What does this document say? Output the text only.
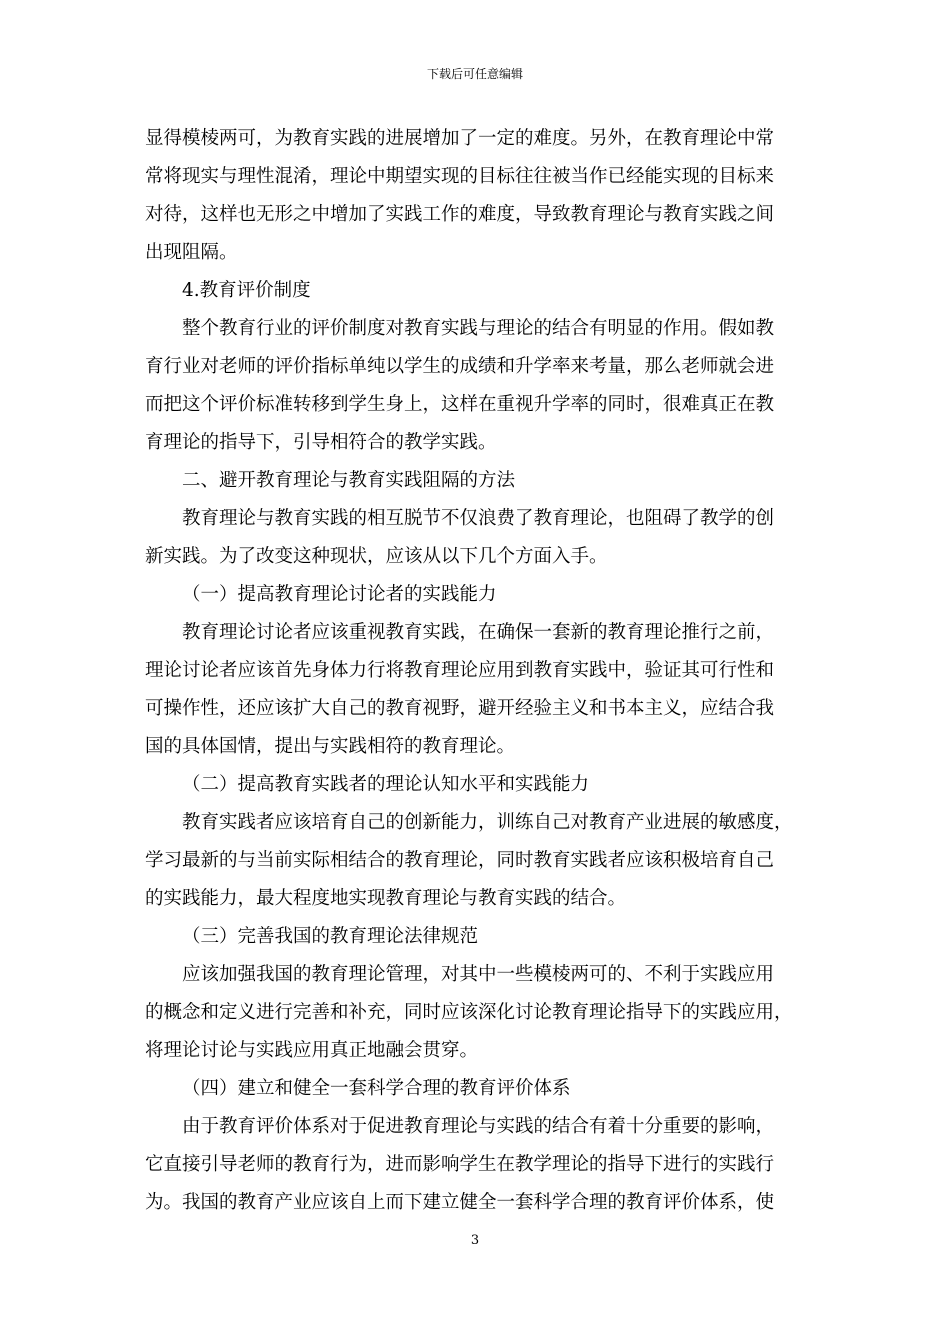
下载后可任意编辑
显得模棱两可，为教育实践的进展增加了一定的难度。另外，在教育理论中常
常将现实与理性混淆，理论中期望实现的目标往往被当作已经能实现的目标来
对待，这样也无形之中增加了实践工作的难度，导致教育理论与教育实践之间
出现阻隔。
4.教育评价制度
整个教育行业的评价制度对教育实践与理论的结合有明显的作用。假如教
育行业对老师的评价指标单纯以学生的成绩和升学率来考量，那么老师就会进
而把这个评价标准转移到学生身上，这样在重视升学率的同时，很难真正在教
育理论的指导下，引导相符合的教学实践。
二、避开教育理论与教育实践阻隔的方法
教育理论与教育实践的相互脱节不仅浪费了教育理论，也阻碍了教学的创
新实践。为了改变这种现状，应该从以下几个方面入手。
（一）提高教育理论讨论者的实践能力
教育理论讨论者应该重视教育实践，在确保一套新的教育理论推行之前，
理论讨论者应该首先身体力行将教育理论应用到教育实践中，验证其可行性和
可操作性，还应该扩大自己的教育视野，避开经验主义和书本主义，应结合我
国的具体国情，提出与实践相符的教育理论。
（二）提高教育实践者的理论认知水平和实践能力
教育实践者应该培育自己的创新能力，训练自己对教育产业进展的敏感度，
学习最新的与当前实际相结合的教育理论，同时教育实践者应该积极培育自己
的实践能力，最大程度地实现教育理论与教育实践的结合。
（三）完善我国的教育理论法律规范
应该加强我国的教育理论管理，对其中一些模棱两可的、不利于实践应用
的概念和定义进行完善和补充，同时应该深化讨论教育理论指导下的实践应用，
将理论讨论与实践应用真正地融会贯穿。
（四）建立和健全一套科学合理的教育评价体系
由于教育评价体系对于促进教育理论与实践的结合有着十分重要的影响，
它直接引导老师的教育行为，进而影响学生在教学理论的指导下进行的实践行
为。我国的教育产业应该自上而下建立健全一套科学合理的教育评价体系，使
3
